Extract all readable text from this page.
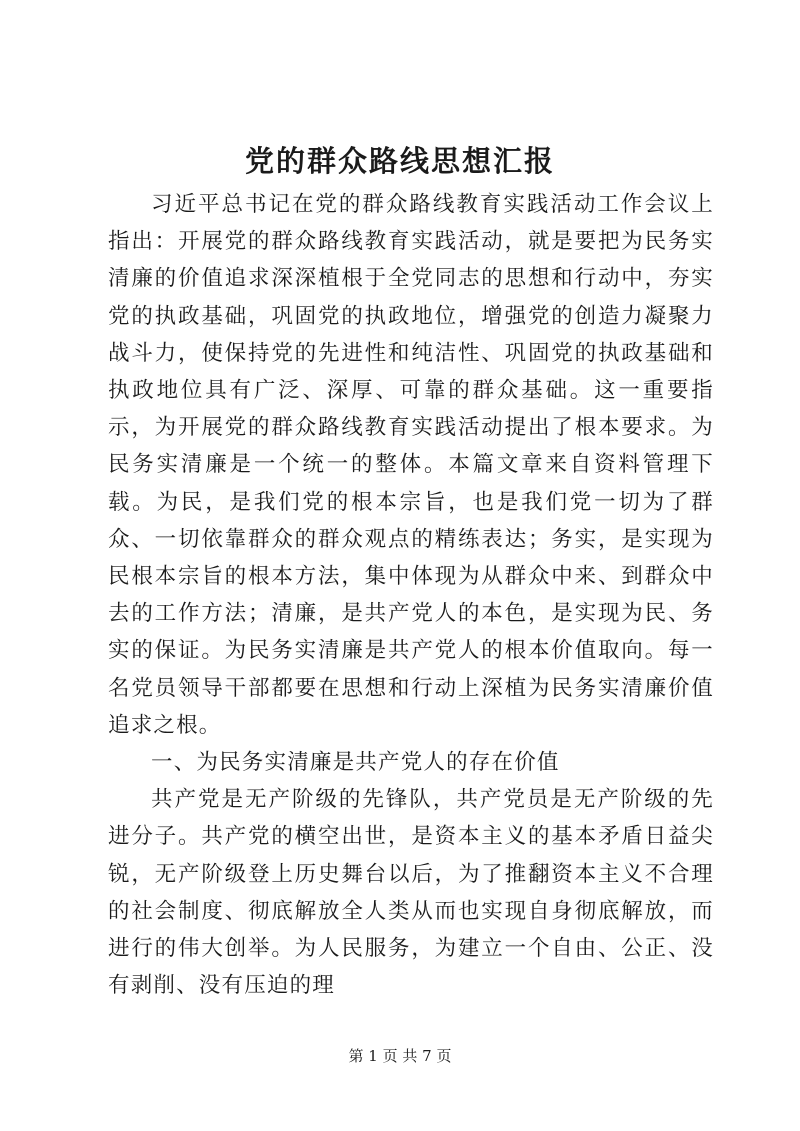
党的群众路线思想汇报

习近平总书记在党的群众路线教育实践活动工作会议上指出：开展党的群众路线教育实践活动，就是要把为民务实清廉的价值追求深深植根于全党同志的思想和行动中，夯实党的执政基础，巩固党的执政地位，增强党的创造力凝聚力战斗力，使保持党的先进性和纯洁性、巩固党的执政基础和执政地位具有广泛、深厚、可靠的群众基础。这一重要指示，为开展党的群众路线教育实践活动提出了根本要求。为民务实清廉是一个统一的整体。本篇文章来自资料管理下载。为民，是我们党的根本宗旨，也是我们党一切为了群众、一切依靠群众的群众观点的精练表达；务实，是实现为民根本宗旨的根本方法，集中体现为从群众中来、到群众中去的工作方法；清廉，是共产党人的本色，是实现为民、务实的保证。为民务实清廉是共产党人的根本价值取向。每一名党员领导干部都要在思想和行动上深植为民务实清廉价值追求之根。

一、为民务实清廉是共产党人的存在价值

共产党是无产阶级的先锋队，共产党员是无产阶级的先进分子。共产党的横空出世，是资本主义的基本矛盾日益尖锐，无产阶级登上历史舞台以后，为了推翻资本主义不合理的社会制度、彻底解放全人类从而也实现自身彻底解放，而进行的伟大创举。为人民服务，为建立一个自由、公正、没有剥削、没有压迫的理

第 1 页 共 7 页
